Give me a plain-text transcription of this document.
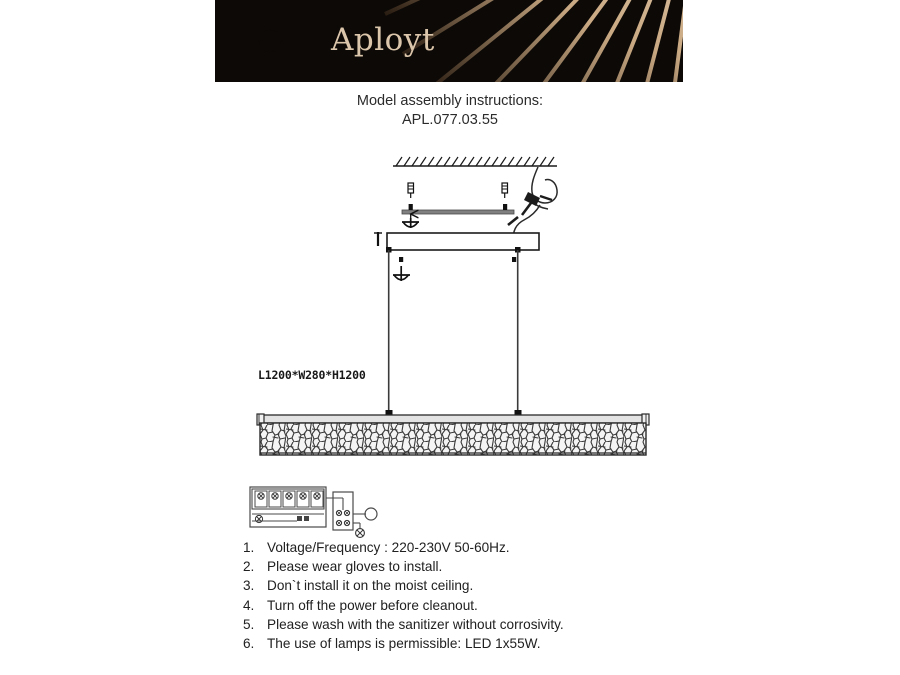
Aployt
Model assembly instructions:
APL.077.03.55
L1200*W280*H1200
1. Voltage/Frequency : 220-230V 50-60Hz.
2. Please wear gloves to install.
3. Don`t install it on the moist ceiling.
4. Turn off the power before cleanout.
5. Please wash with the sanitizer without corrosivity.
6. The use of lamps is permissible: LED 1x55W.
